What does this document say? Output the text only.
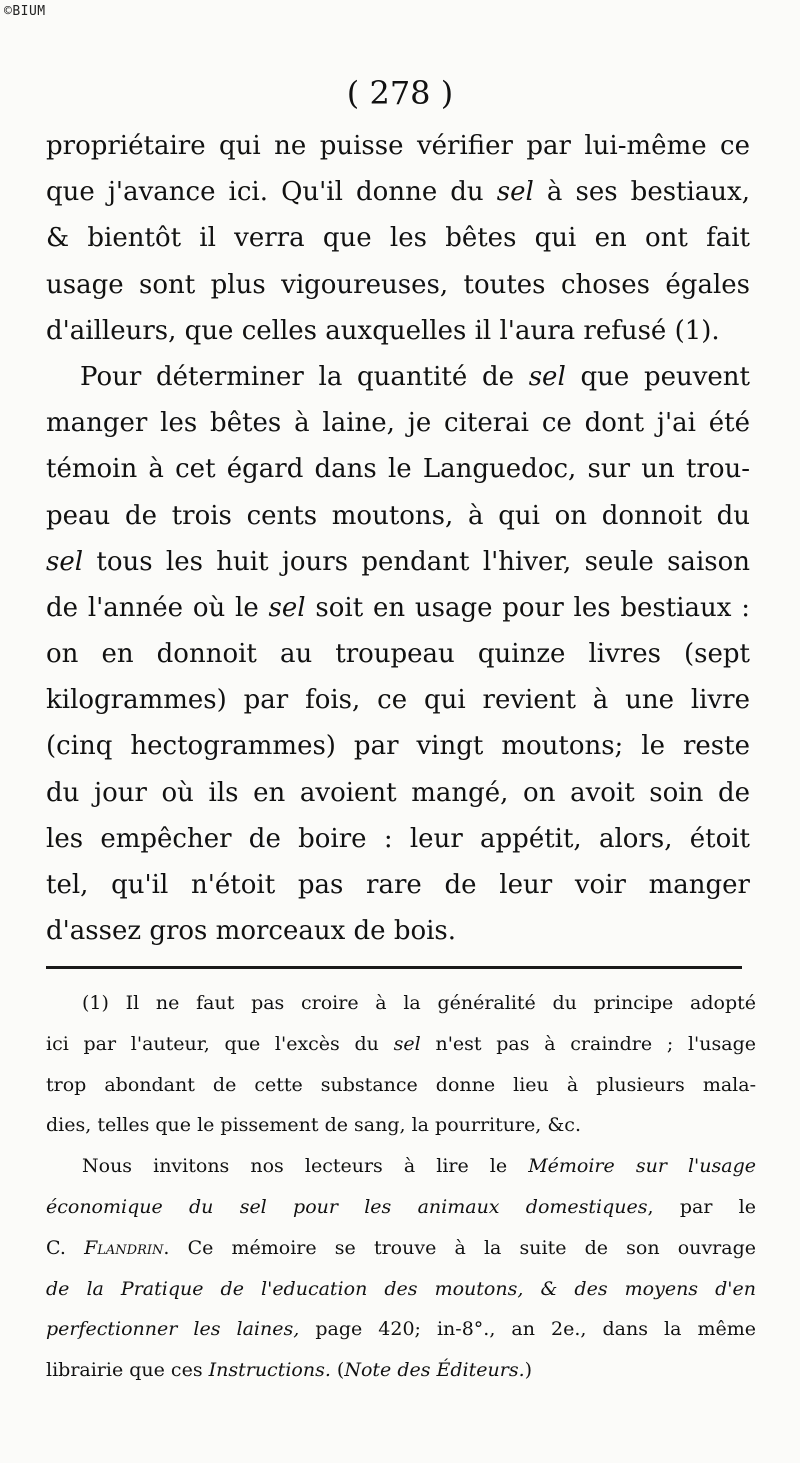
©BIUM
( 278 )
propriétaire qui ne puisse vérifier par lui-même ce
que j'avance ici. Qu'il donne du sel à ses bestiaux,
& bientôt il verra que les bêtes qui en ont fait
usage sont plus vigoureuses, toutes choses égales
d'ailleurs, que celles auxquelles il l'aura refusé (1).
Pour déterminer la quantité de sel que peuvent
manger les bêtes à laine, je citerai ce dont j'ai été
témoin à cet égard dans le Languedoc, sur un trou-
peau de trois cents moutons, à qui on donnoit du
sel tous les huit jours pendant l'hiver, seule saison
de l'année où le sel soit en usage pour les bestiaux :
on en donnoit au troupeau quinze livres (sept
kilogrammes) par fois, ce qui revient à une livre
(cinq hectogrammes) par vingt moutons; le reste
du jour où ils en avoient mangé, on avoit soin de
les empêcher de boire : leur appétit, alors, étoit
tel, qu'il n'étoit pas rare de leur voir manger
d'assez gros morceaux de bois.
(1) Il ne faut pas croire à la généralité du principe adopté
ici par l'auteur, que l'excès du sel n'est pas à craindre ; l'usage
trop abondant de cette substance donne lieu à plusieurs mala-
dies, telles que le pissement de sang, la pourriture, &c.
Nous invitons nos lecteurs à lire le Mémoire sur l'usage
économique du sel pour les animaux domestiques, par le
C. Flandrin. Ce mémoire se trouve à la suite de son ouvrage
de la Pratique de l'education des moutons, & des moyens d'en
perfectionner les laines, page 420; in-8°., an 2e., dans la même
librairie que ces Instructions. (Note des Éditeurs.)
